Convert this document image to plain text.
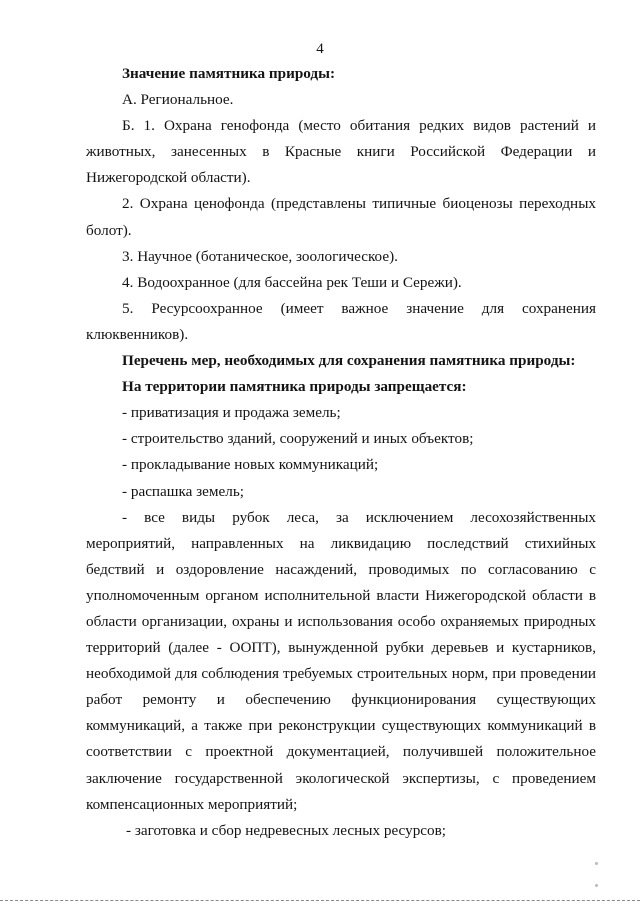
4

Значение памятника природы:

А. Региональное.

Б. 1. Охрана генофонда (место обитания редких видов растений и животных, занесенных в Красные книги Российской Федерации и Нижегородской области).

2. Охрана ценофонда (представлены типичные биоценозы переходных болот).

3. Научное (ботаническое, зоологическое).

4. Водоохранное (для бассейна рек Теши и Сережи).

5. Ресурсоохранное (имеет важное значение для сохранения клюквенников).

Перечень мер, необходимых для сохранения памятника природы:

На территории памятника природы запрещается:

- приватизация и продажа земель;

- строительство зданий, сооружений и иных объектов;

- прокладывание новых коммуникаций;

- распашка земель;

- все виды рубок леса, за исключением лесохозяйственных мероприятий, направленных на ликвидацию последствий стихийных бедствий и оздоровление насаждений, проводимых по согласованию с уполномоченным органом исполнительной власти Нижегородской области в области организации, охраны и использования особо охраняемых природных территорий (далее - ООПТ), вынужденной рубки деревьев и кустарников, необходимой для соблюдения требуемых строительных норм, при проведении работ ремонту и обеспечению функционирования существующих коммуникаций, а также при реконструкции существующих коммуникаций в соответствии с проектной документацией, получившей положительное заключение государственной экологической экспертизы, с проведением компенсационных мероприятий;

- заготовка и сбор недревесных лесных ресурсов;
